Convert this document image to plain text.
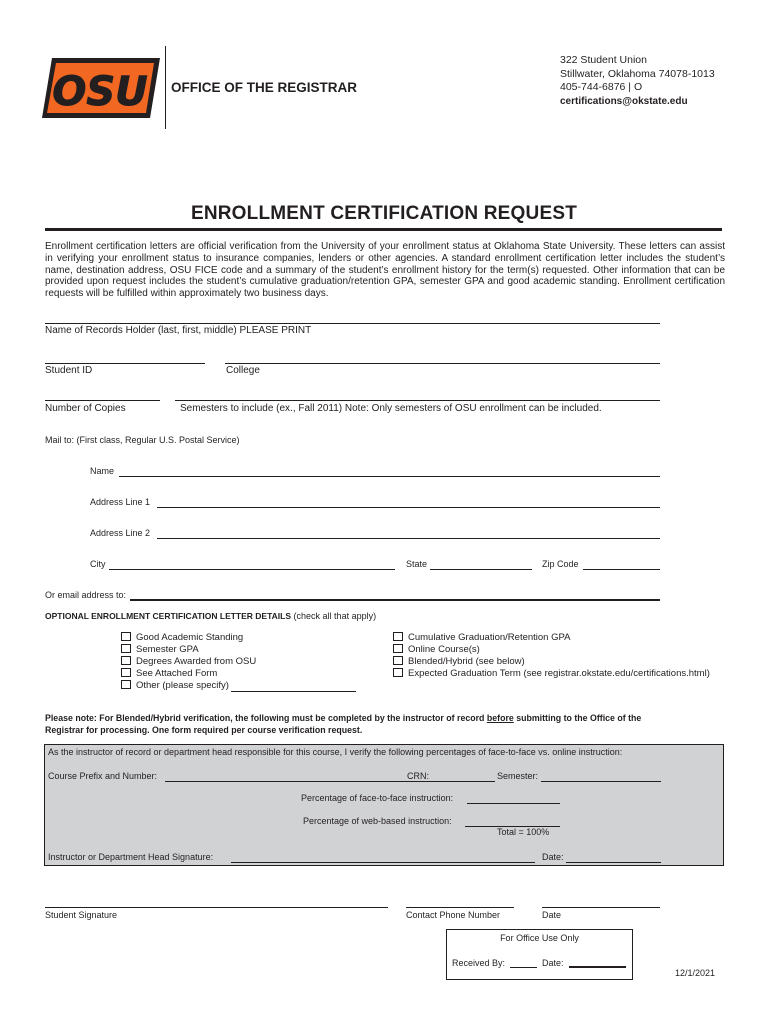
OSU OFFICE OF THE REGISTRAR
322 Student Union
Stillwater, Oklahoma 74078-1013
405-744-6876 | O
certifications@okstate.edu
ENROLLMENT CERTIFICATION REQUEST
Enrollment certification letters are official verification from the University of your enrollment status at Oklahoma State University. These letters can assist in verifying your enrollment status to insurance companies, lenders or other agencies. A standard enrollment certification letter includes the student’s name, destination address, OSU FICE code and a summary of the student’s enrollment history for the term(s) requested. Other information that can be provided upon request includes the student’s cumulative graduation/retention GPA, semester GPA and good academic standing. Enrollment certification requests will be fulfilled within approximately two business days.
Name of Records Holder (last, first, middle) PLEASE PRINT
Student ID	College
Number of Copies	Semesters to include (ex., Fall 2011) Note: Only semesters of OSU enrollment can be included.
Mail to: (First class, Regular U.S. Postal Service)
Name
Address Line 1
Address Line 2
City	State	Zip Code
Or email address to:
OPTIONAL ENROLLMENT CERTIFICATION LETTER DETAILS (check all that apply)
Good Academic Standing
Semester GPA
Degrees Awarded from OSU
See Attached Form
Other (please specify)
Cumulative Graduation/Retention GPA
Online Course(s)
Blended/Hybrid (see below)
Expected Graduation Term (see registrar.okstate.edu/certifications.html)
Please note: For Blended/Hybrid verification, the following must be completed by the instructor of record before submitting to the Office of the
Registrar for processing. One form required per course verification request.
As the instructor of record or department head responsible for this course, I verify the following percentages of face-to-face vs. online instruction:
Course Prefix and Number:	CRN:	Semester:
Percentage of face-to-face instruction:
Percentage of web-based instruction:
Total = 100%
Instructor or Department Head Signature:	Date:
Student Signature	Contact Phone Number	Date
For Office Use Only
Received By:	Date:
12/1/2021
